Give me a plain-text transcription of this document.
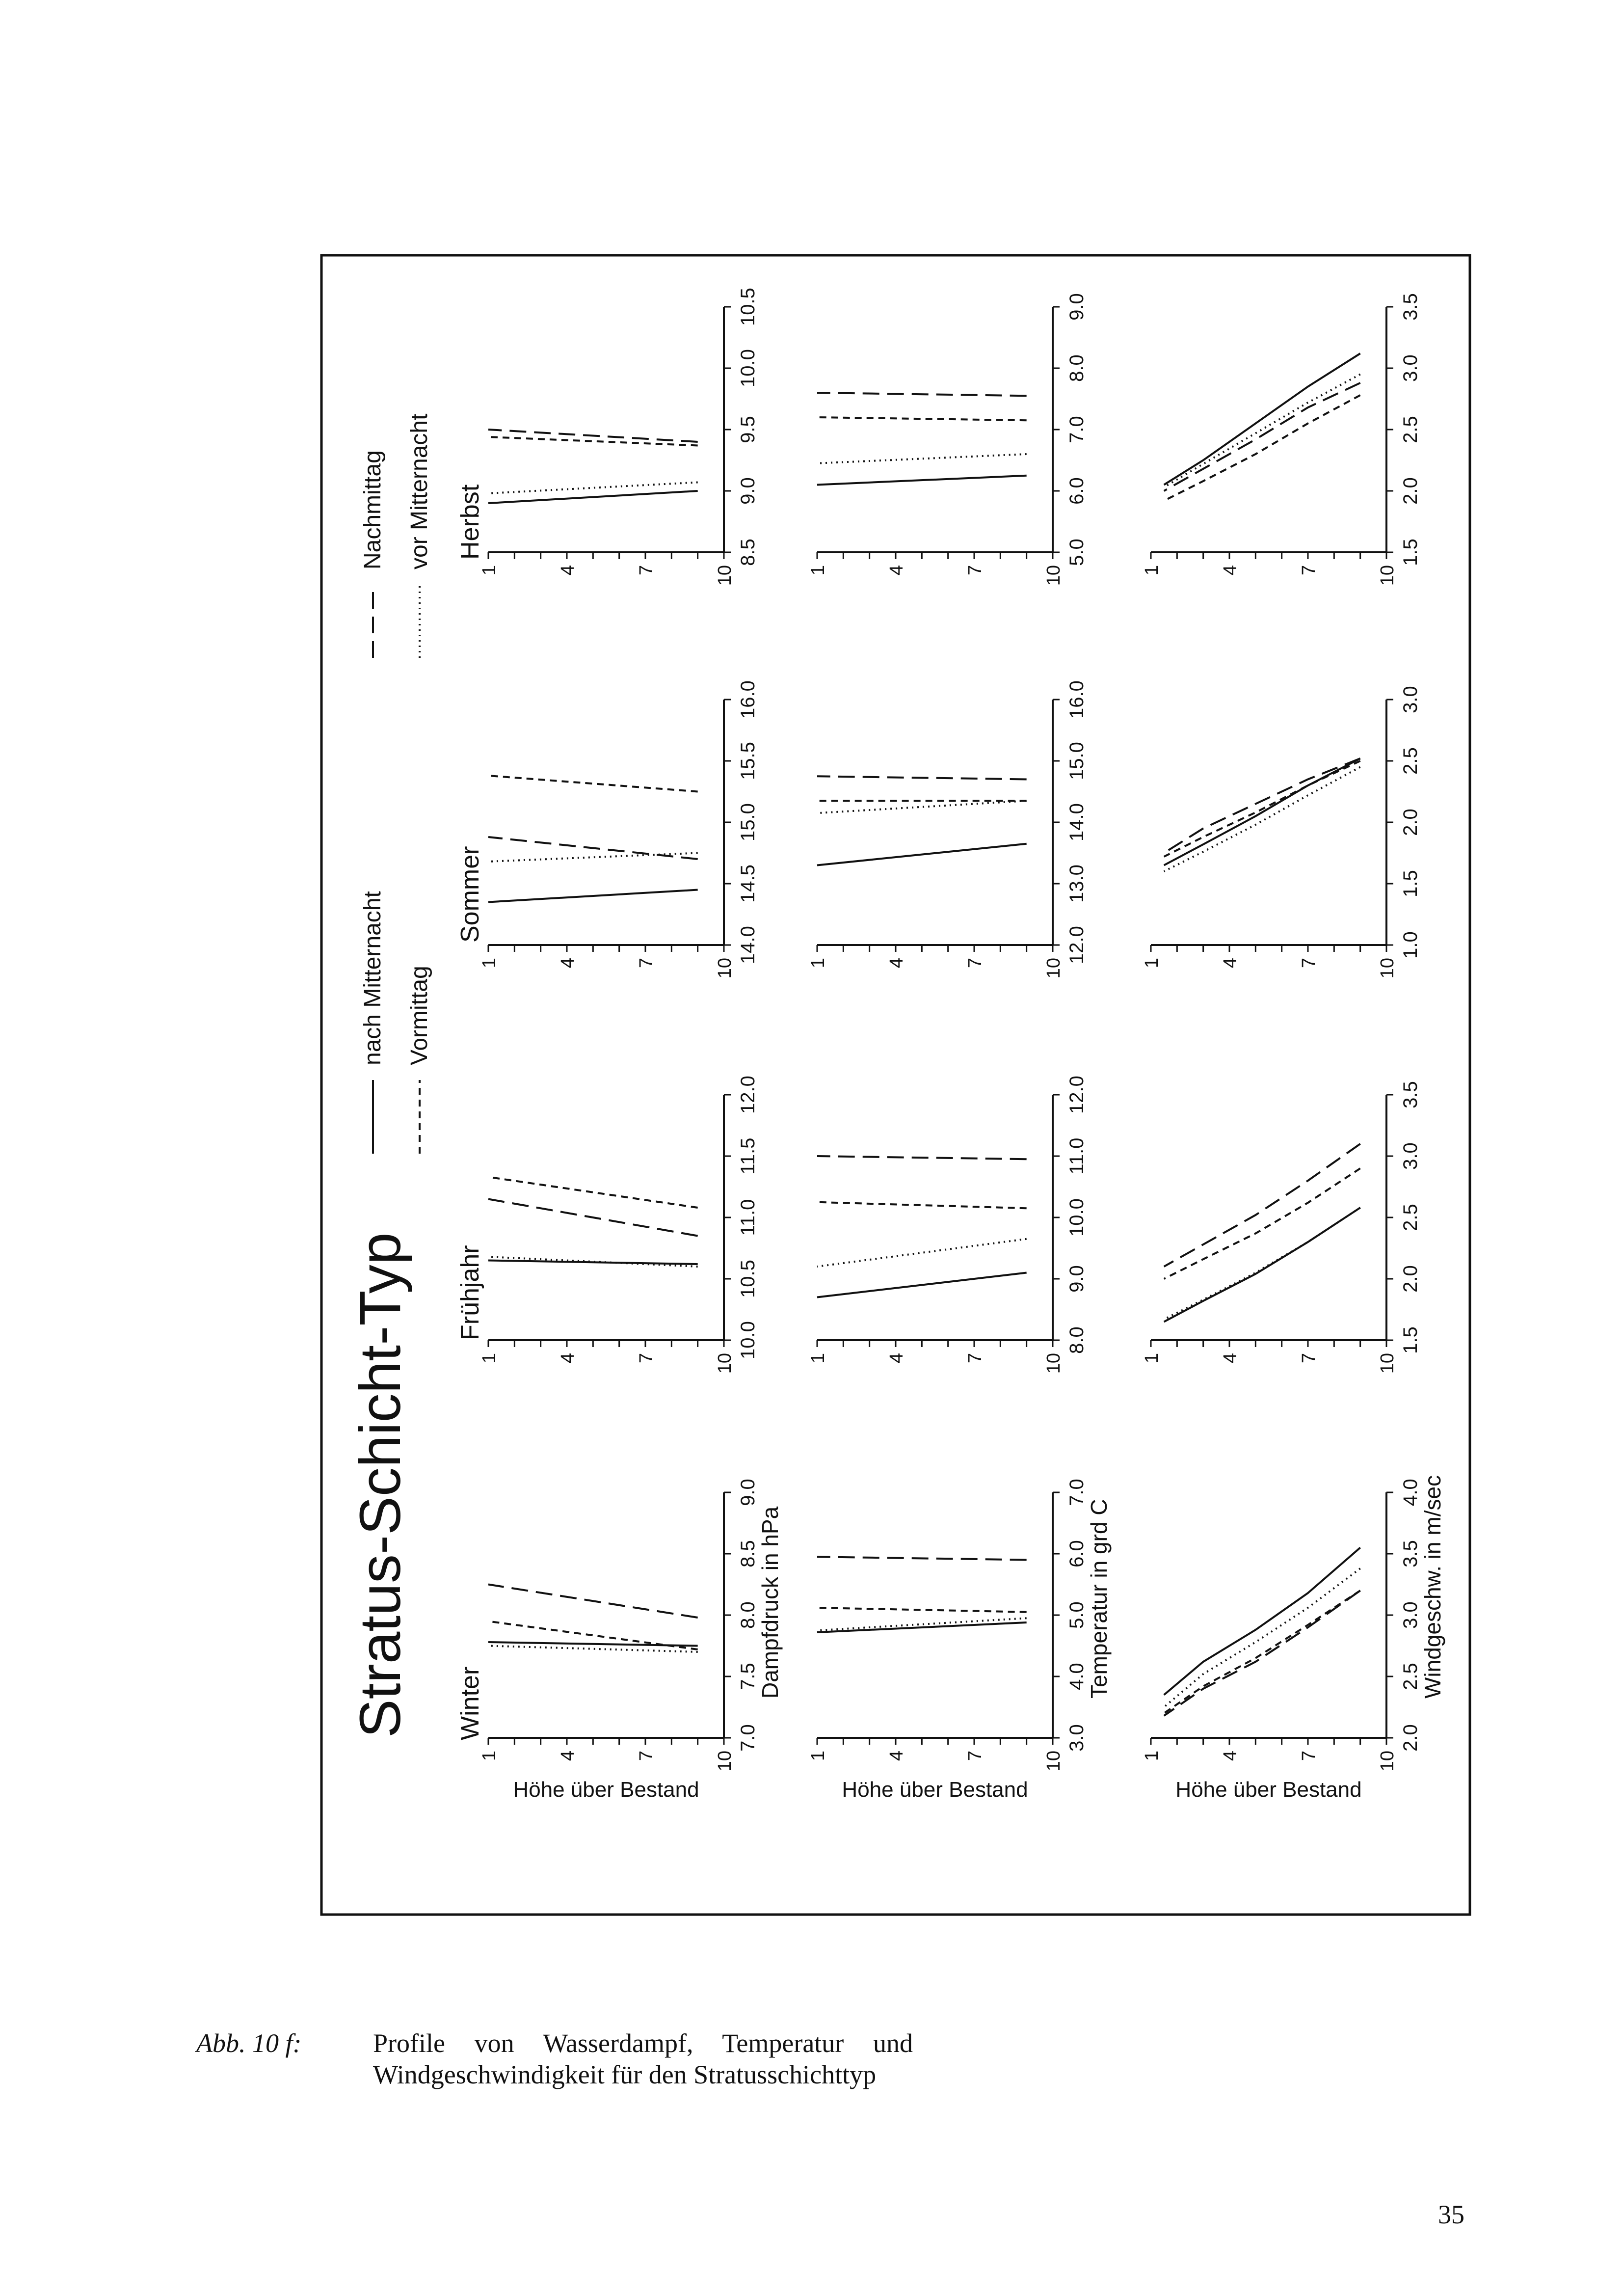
Stratus-Schicht-Typ
nach Mitternacht Vormittag
Nachmittag vor Mitternacht
Winter
Frühjahr
Sommer
Herbst
7.0
7.5
8.0
8.5
9.0
10
7
4
1
10.0
10.5
11.0
11.5
12.0
10
7
4
1
14.0
14.5
15.0
15.5
16.0
10
7
4
1
8.5
9.0
9.5
10.0
10.5
10
7
4
1
3.0
4.0
5.0
6.0
7.0
10
7
4
1
8.0
9.0
10.0
11.0
12.0
10
7
4
1
12.0
13.0
14.0
15.0
16.0
10
7
4
1
5.0
6.0
7.0
8.0
9.0
10
7
4
1
2.0
2.5
3.0
3.5
4.0
10
7
4
1
1.5
2.0
2.5
3.0
3.5
10
7
4
1
1.0
1.5
2.0
2.5
3.0
10
7
4
1
1.5
2.0
2.5
3.0
3.5
10
7
4
1
Dampfdruck in hPa
Höhe über Bestand
Temperatur in grd C
Höhe über Bestand
Windgeschw. in m/sec
Höhe über Bestand
Abb. 10 f:	Profile von Wasserdampf, Temperatur und Windgeschwindigkeit für den Stratusschichttyp
35
